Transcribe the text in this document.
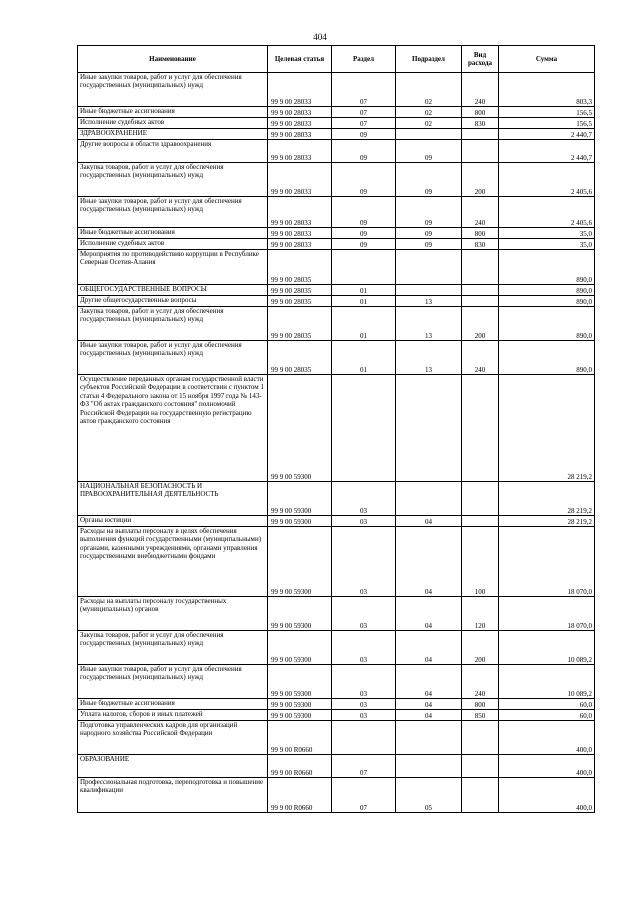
404
Наименование	Целевая статья	Раздел	Подраздел	Вид расхода	Сумма
Иные закупки товаров, работ и услуг для обеспечения государственных (муниципальных) нужд	99 9 00 28033	07	02	240	803,3
Иные бюджетные ассигнования	99 9 00 28033	07	02	800	156,5
Исполнение судебных актов	99 9 00 28033	07	02	830	156,5
ЗДРАВООХРАНЕНИЕ	99 9 00 28033	09			2 440,7
Другие вопросы в области здравоохранения	99 9 00 28033	09	09		2 440,7
Закупка товаров, работ и услуг для обеспечения государственных (муниципальных) нужд	99 9 00 28033	09	09	200	2 405,6
Иные закупки товаров, работ и услуг для обеспечения государственных (муниципальных) нужд	99 9 00 28033	09	09	240	2 405,6
Иные бюджетные ассигнования	99 9 00 28033	09	09	800	35,0
Исполнение судебных актов	99 9 00 28033	09	09	830	35,0
Мероприятия по противодействию коррупции в Республике Северная Осетия-Алания	99 9 00 28035				890,0
ОБЩЕГОСУДАРСТВЕННЫЕ ВОПРОСЫ	99 9 00 28035	01			890,0
Другие общегосударственные вопросы	99 9 00 28035	01	13		890,0
Закупка товаров, работ и услуг для обеспечения государственных (муниципальных) нужд	99 9 00 28035	01	13	200	890,0
Иные закупки товаров, работ и услуг для обеспечения государственных (муниципальных) нужд	99 9 00 28035	01	13	240	890,0
Осуществление переданных органам государственной власти субъектов Российской Федерации в соответствии с пунктом 1 статьи 4 Федерального закона от 15 ноября 1997 года № 143-ФЗ "Об актах гражданского состояния" полномочий Российской Федерации на государственную регистрацию актов гражданского состояния	99 9 00 59300				28 219,2
НАЦИОНАЛЬНАЯ БЕЗОПАСНОСТЬ И ПРАВООХРАНИТЕЛЬНАЯ ДЕЯТЕЛЬНОСТЬ	99 9 00 59300	03			28 219,2
Органы юстиции	99 9 00 59300	03	04		28 219,2
Расходы на выплаты персоналу в целях обеспечения выполнения функций государственными (муниципальными) органами, казенными учреждениями, органами управления государственными внебюджетными фондами	99 9 00 59300	03	04	100	18 070,0
Расходы на выплаты персоналу государственных (муниципальных) органов	99 9 00 59300	03	04	120	18 070,0
Закупка товаров, работ и услуг для обеспечения государственных (муниципальных) нужд	99 9 00 59300	03	04	200	10 089,2
Иные закупки товаров, работ и услуг для обеспечения государственных (муниципальных) нужд	99 9 00 59300	03	04	240	10 089,2
Иные бюджетные ассигнования	99 9 00 59300	03	04	800	60,0
Уплата налогов, сборов и иных платежей	99 9 00 59300	03	04	850	60,0
Подготовка управленческих кадров для организаций народного хозяйства Российской Федерации	99 9 00 R0660				400,0
ОБРАЗОВАНИЕ	99 9 00 R0660	07			400,0
Профессиональная подготовка, переподготовка и повышение квалификации	99 9 00 R0660	07	05		400,0
